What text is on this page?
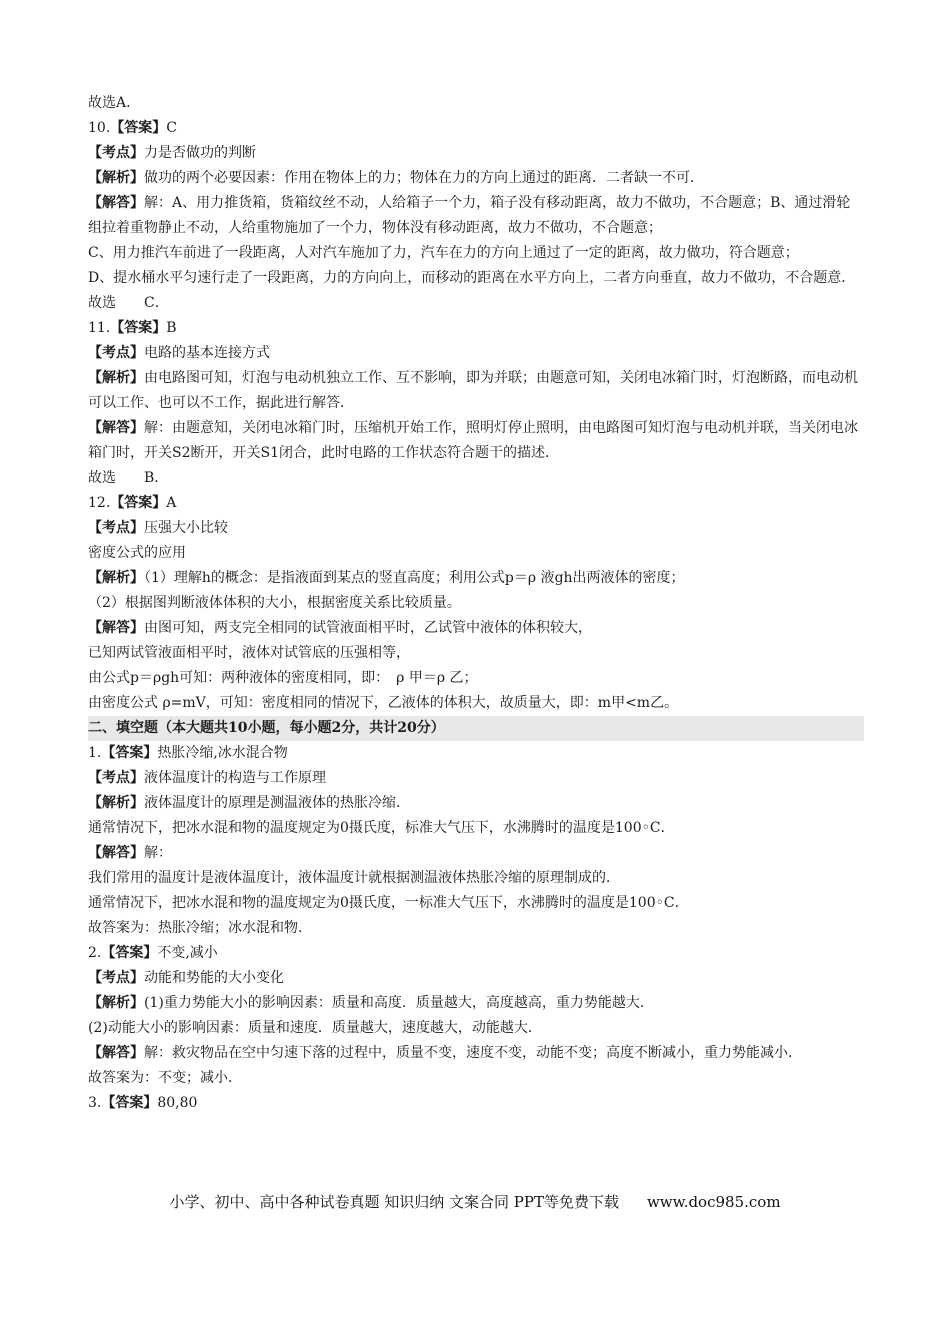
故选A．
10.【答案】C
【考点】力是否做功的判断
【解析】做功的两个必要因素：作用在物体上的力；物体在力的方向上通过的距离．二者缺一不可．
【解答】解：A、用力推货箱，货箱纹丝不动，人给箱子一个力，箱子没有移动距离，故力不做功，不合题意；B、通过滑轮组拉着重物静止不动，人给重物施加了一个力，物体没有移动距离，故力不做功，不合题意；
C、用力推汽车前进了一段距离，人对汽车施加了力，汽车在力的方向上通过了一定的距离，故力做功，符合题意；
D、提水桶水平匀速行走了一段距离，力的方向向上，而移动的距离在水平方向上，二者方向垂直，故力不做功，不合题意．
故选　　C．
11.【答案】B
【考点】电路的基本连接方式
【解析】由电路图可知，灯泡与电动机独立工作、互不影响，即为并联；由题意可知，关闭电冰箱门时，灯泡断路，而电动机可以工作、也可以不工作，据此进行解答．
【解答】解：由题意知，关闭电冰箱门时，压缩机开始工作，照明灯停止照明，由电路图可知灯泡与电动机并联，当关闭电冰箱门时，开关S2断开，开关S1闭合，此时电路的工作状态符合题干的描述．
故选　　B．
12.【答案】A
【考点】压强大小比较
密度公式的应用
【解析】（1）理解h的概念：是指液面到某点的竖直高度；利用公式p＝ρ 液gh出两液体的密度；
（2）根据图判断液体体积的大小，根据密度关系比较质量。
【解答】由图可知，两支完全相同的试管液面相平时，乙试管中液体的体积较大，
已知两试管液面相平时，液体对试管底的压强相等，
由公式p＝ρgh可知：两种液体的密度相同，即：　ρ 甲＝ρ 乙；
由密度公式 ρ=mV，可知：密度相同的情况下，乙液体的体积大，故质量大，即：m甲<m乙。
二、填空题（本大题共10小题，每小题2分，共计20分）
1.【答案】热胀冷缩,冰水混合物
【考点】液体温度计的构造与工作原理
【解析】液体温度计的原理是测温液体的热胀冷缩．
通常情况下，把冰水混和物的温度规定为0摄氏度，标准大气压下，水沸腾时的温度是100◦C．
【解答】解：
我们常用的温度计是液体温度计，液体温度计就根据测温液体热胀冷缩的原理制成的．
通常情况下，把冰水混和物的温度规定为0摄氏度，一标准大气压下，水沸腾时的温度是100◦C．
故答案为：热胀冷缩；冰水混和物．
2.【答案】不变,减小
【考点】动能和势能的大小变化
【解析】(1)重力势能大小的影响因素：质量和高度．质量越大，高度越高，重力势能越大．
(2)动能大小的影响因素：质量和速度．质量越大，速度越大，动能越大．
【解答】解：救灾物品在空中匀速下落的过程中，质量不变，速度不变，动能不变；高度不断减小，重力势能减小．
故答案为：不变；减小．
3.【答案】80,80
小学、初中、高中各种试卷真题 知识归纳 文案合同 PPT等免费下载 www.doc985.com
